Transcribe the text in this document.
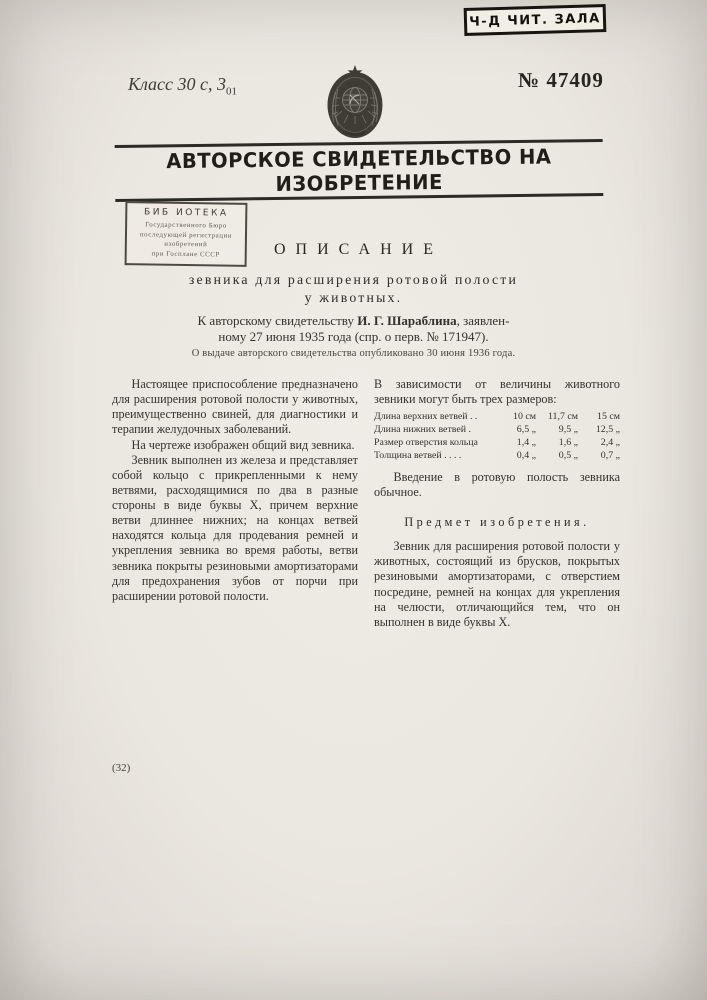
Ч-Д ЧИТ. ЗАЛА
Класс 30 с, $3_{01}$	№ 47409
АВТОРСКОЕ СВИДЕТЕЛЬСТВО НА ИЗОБРЕТЕНИЕ
БИБ ИОТЕКА
Государственного Бюро
последующей регистрации
изобретений
при Госплане СССР	ОПИСАНИЕ
зевника для расширения ротовой полости
у животных.
К авторскому свидетельству И. Г. Шараблина, заявлен-
ному 27 июня 1935 года (спр. о перв. № 171947).
О выдаче авторского свидетельства опубликовано 30 июня 1936 года.

Настоящее приспособление предназначено для расширения ротовой полости у животных, преимущественно свиней, для диагностики и терапии желудочных заболеваний.

На чертеже изображен общий вид зевника.

Зевник выполнен из железа и представляет собой кольцо с прикрепленными к нему ветвями, расходящимися по два в разные стороны в виде буквы X, причем верхние ветви длиннее нижних; на концах ветвей находятся кольца для продевания ремней и укрепления зевника во время работы, ветви зевника покрыты резиновыми амортизаторами для предохранения зубов от порчи при расширении ротовой полости.

В зависимости от величины животного зевники могут быть трех размеров:

Длина верхних ветвей . .	10 см	11,7 см	15 см
Длина нижних ветвей .	6,5 „	9,5 „	12,5 „
Размер отверстия кольца	1,4 „	1,6 „	2,4 „
Толщина ветвей . . . .	0,4 „	0,5 „	0,7 „

Введение в ротовую полость зевника обычное.

Предмет изобретения.

Зевник для расширения ротовой полости у животных, состоящий из брусков, покрытых резиновыми амортизаторами, с отверстием посредине, ремней на концах для укрепления на челюсти, отличающийся тем, что он выполнен в виде буквы X.

(32)
